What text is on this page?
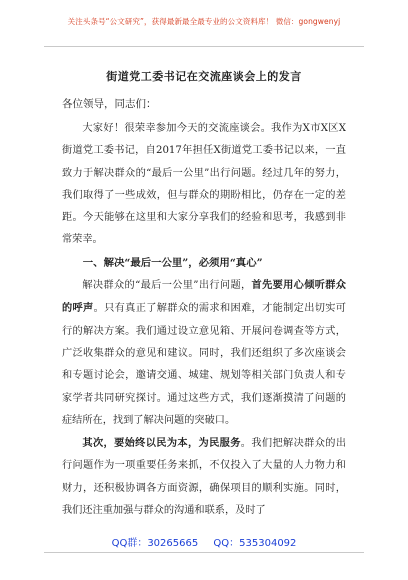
关注头条号“公文研究”，获得最新最全最专业的公文资料库！ 微信：gongwenyj
街道党工委书记在交流座谈会上的发言
各位领导，同志们：

大家好！很荣幸参加今天的交流座谈会。我作为X市X区X街道党工委书记，自2017年担任X街道党工委书记以来，一直致力于解决群众的“最后一公里”出行问题。经过几年的努力，我们取得了一些成效，但与群众的期盼相比，仍存在一定的差距。今天能够在这里和大家分享我们的经验和思考，我感到非常荣幸。

一、解决“最后一公里”，必须用“真心”

解决群众的“最后一公里”出行问题，首先要用心倾听群众的呼声。只有真正了解群众的需求和困难，才能制定出切实可行的解决方案。我们通过设立意见箱、开展问卷调查等方式，广泛收集群众的意见和建议。同时，我们还组织了多次座谈会和专题讨论会，邀请交通、城建、规划等相关部门负责人和专家学者共同研究探讨。通过这些方式，我们逐渐摸清了问题的症结所在，找到了解决问题的突破口。

其次，要始终以民为本，为民服务。我们把解决群众的出行问题作为一项重要任务来抓，不仅投入了大量的人力物力和财力，还积极协调各方面资源，确保项目的顺利实施。同时，我们还注重加强与群众的沟通和联系，及时了

QQ群：30265665 QQ：535304092
